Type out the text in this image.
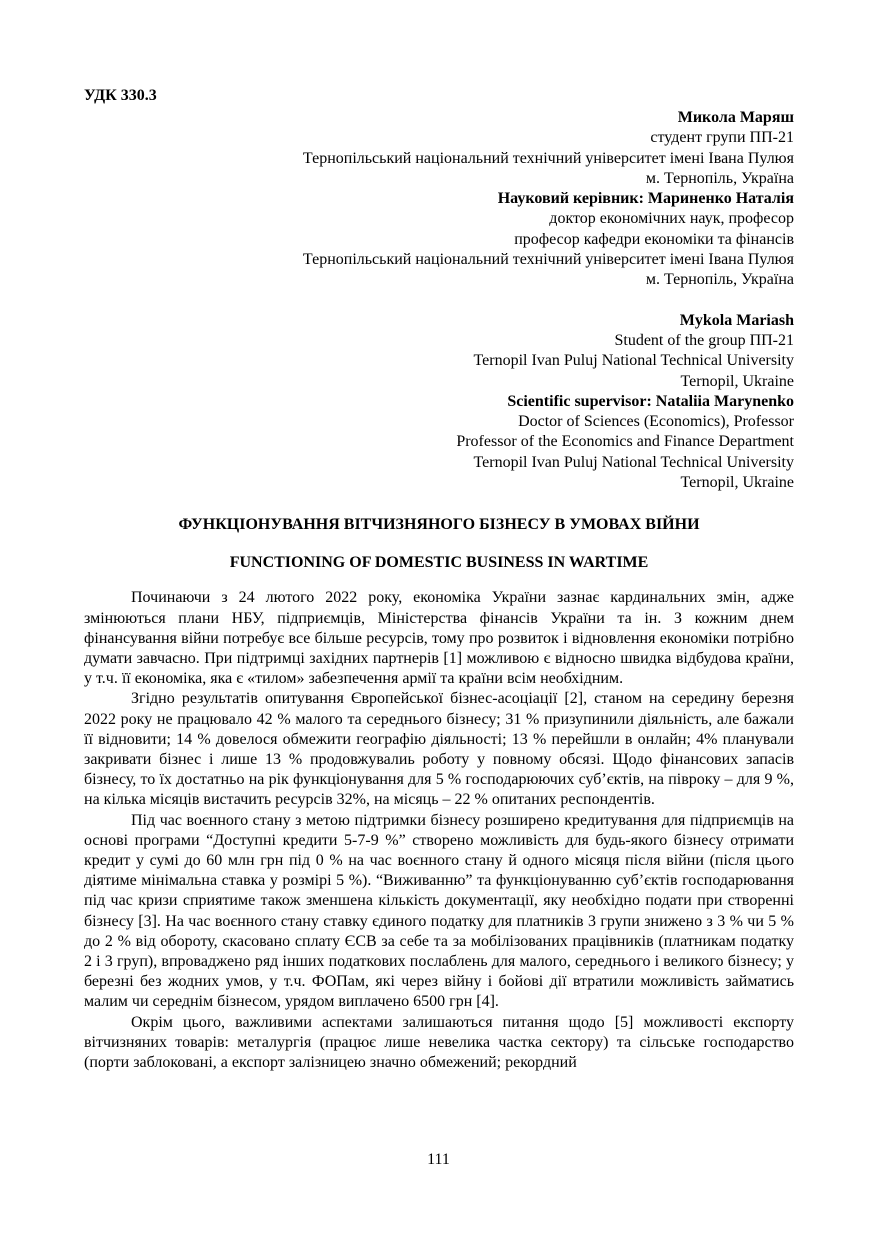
УДК 330.3
Микола Маряш
студент групи ПП-21
Тернопільський національний технічний університет імені Івана Пулюя
м. Тернопіль, Україна
Науковий керівник: Мариненко Наталія
доктор економічних наук, професор
професор кафедри економіки та фінансів
Тернопільський національний технічний університет імені Івана Пулюя
м. Тернопіль, Україна
Mykola Mariash
Student of the group ПП-21
Ternopil Ivan Puluj National Technical University
Ternopil, Ukraine
Scientific supervisor: Nataliia Marynenko
Doctor of Sciences (Economics), Professor
Professor of the Economics and Finance Department
Ternopil Ivan Puluj National Technical University
Ternopil, Ukraine
ФУНКЦІОНУВАННЯ ВІТЧИЗНЯНОГО БІЗНЕСУ В УМОВАХ ВІЙНИ
FUNCTIONING OF DOMESTIC BUSINESS IN WARTIME

Починаючи з 24 лютого 2022 року, економіка України зазнає кардинальних змін, адже змінюються плани НБУ, підприємців, Міністерства фінансів України та ін. З кожним днем фінансування війни потребує все більше ресурсів, тому про розвиток і відновлення економіки потрібно думати завчасно. При підтримці західних партнерів [1] можливою є відносно швидка відбудова країни, у т.ч. її економіка, яка є «тилом» забезпечення армії та країни всім необхідним.

Згідно результатів опитування Європейської бізнес-асоціації [2], станом на середину березня 2022 року не працювало 42 % малого та середнього бізнесу; 31 % призупинили діяльність, але бажали її відновити; 14 % довелося обмежити географію діяльності; 13 % перейшли в онлайн; 4% планували закривати бізнес і лише 13 % продовжувалиь роботу у повному обсязі. Щодо фінансових запасів бізнесу, то їх достатньо на рік функціонування для 5 % господарюючих суб’єктів, на півроку – для 9 %, на кілька місяців вистачить ресурсів 32%, на місяць – 22 % опитаних респондентів.

Під час воєнного стану з метою підтримки бізнесу розширено кредитування для підприємців на основі програми “Доступні кредити 5-7-9 %” створено можливість для будь-якого бізнесу отримати кредит у сумі до 60 млн грн під 0 % на час воєнного стану й одного місяця після війни (після цього діятиме мінімальна ставка у розмірі 5 %). “Виживанню” та функціонуванню суб’єктів господарювання під час кризи сприятиме також зменшена кількість документації, яку необхідно подати при створенні бізнесу [3]. На час воєнного стану ставку єдиного податку для платників 3 групи знижено з 3 % чи 5 % до 2 % від обороту, скасовано сплату ЄСВ за себе та за мобілізованих працівників (платникам податку 2 і 3 груп), впроваджено ряд інших податкових послаблень для малого, середнього і великого бізнесу; у березні без жодних умов, у т.ч. ФОПам, які через війну і бойові дії втратили можливість займатись малим чи середнім бізнесом, урядом виплачено 6500 грн [4].

Окрім цього, важливими аспектами залишаються питання щодо [5] можливості експорту вітчизняних товарів: металургія (працює лише невелика частка сектору) та сільське господарство (порти заблоковані, а експорт залізницею значно обмежений; рекордний

111
